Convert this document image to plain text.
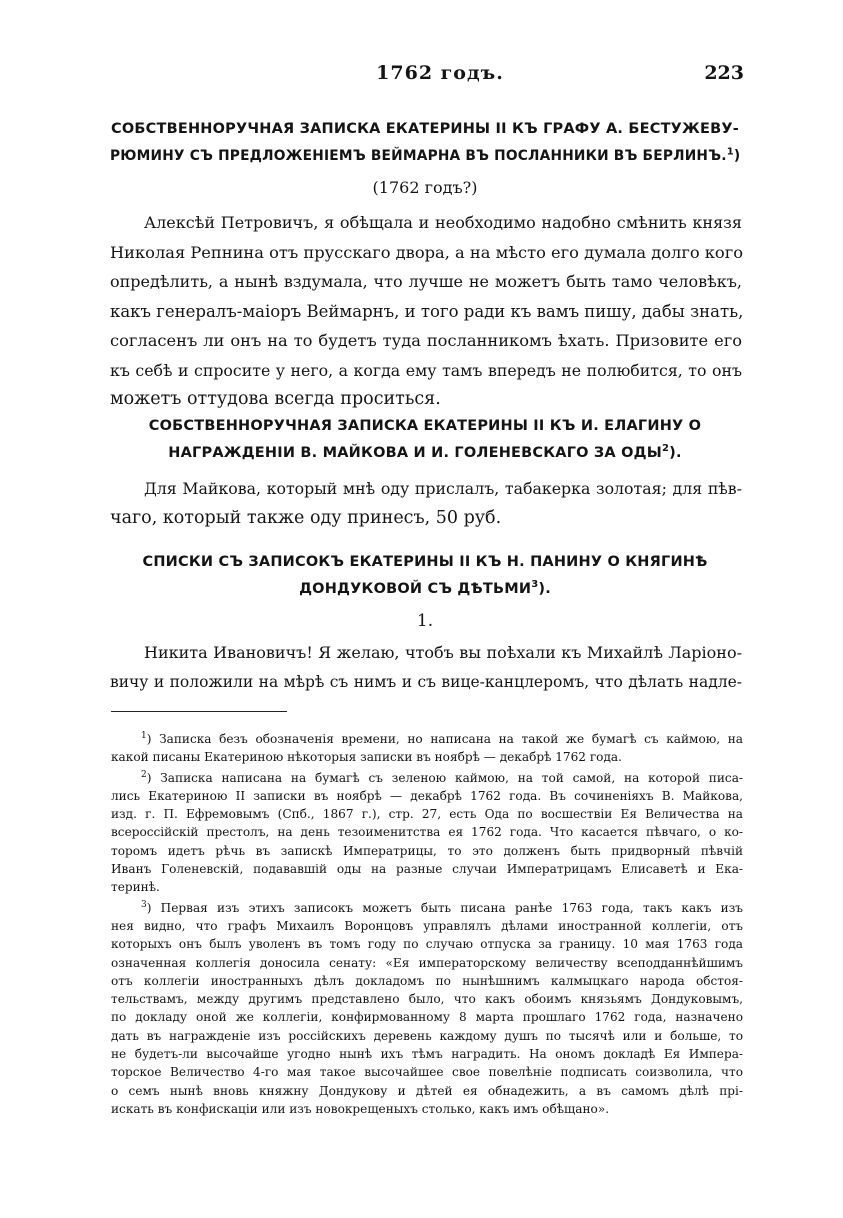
1762 годъ.	223
СОБСТВЕННОРУЧНАЯ ЗАПИСКА ЕКАТЕРИНЫ II КЪ ГРАФУ А. БЕСТУЖЕВУ-
РЮМИНУ СЪ ПРЕДЛОЖЕНІЕМЪ ВЕЙМАРНА ВЪ ПОСЛАННИКИ ВЪ БЕРЛИНЪ.$^1$)
(1762 годъ?)
Алексѣй Петровичъ, я обѣщала и необходимо надобно смѣнить князя
Николая Репнина отъ прусскаго двора, а на мѣсто его думала долго кого
опредѣлить, а нынѣ вздумала, что лучше не можетъ быть тамо человѣкъ,
какъ генералъ-маіоръ Веймарнъ, и того ради къ вамъ пишу, дабы знать,
согласенъ ли онъ на то будетъ туда посланникомъ ѣхать. Призовите его
къ себѣ и спросите у него, а когда ему тамъ впередъ не полюбится, то онъ
можетъ оттудова всегда проситься.
СОБСТВЕННОРУЧНАЯ ЗАПИСКА ЕКАТЕРИНЫ II КЪ И. ЕЛАГИНУ О
НАГРАЖДЕНІИ В. МАЙКОВА И И. ГОЛЕНЕВСКАГО ЗА ОДЫ$^2$).
Для Майкова, который мнѣ оду прислалъ, табакерка золотая; для пѣв-
чаго, который также оду принесъ, 50 руб.
СПИСКИ СЪ ЗАПИСОКЪ ЕКАТЕРИНЫ II КЪ Н. ПАНИНУ О КНЯГИНѢ
ДОНДУКОВОЙ СЪ ДѢТЬМИ$^3$).
1.
Никита Ивановичъ! Я желаю, чтобъ вы поѣхали къ Михайлѣ Ларіоно-
вичу и положили на мѣрѣ съ нимъ и съ вице-канцлеромъ, что дѣлать надле-
$^1$) Записка безъ обозначенія времени, но написана на такой же бумагѣ съ каймою, на
какой писаны Екатериною нѣкоторыя записки въ ноябрѣ — декабрѣ 1762 года.
$^2$) Записка написана на бумагѣ съ зеленою каймою, на той самой, на которой писа-
лись Екатериною II записки въ ноябрѣ — декабрѣ 1762 года. Въ сочиненіяхъ В. Майкова,
изд. г. П. Ефремовымъ (Спб., 1867 г.), стр. 27, есть Ода по восшествіи Ея Величества на
всероссійскій престолъ, на день тезоименитства ея 1762 года. Что касается пѣвчаго, о ко-
торомъ идетъ рѣчь въ запискѣ Императрицы, то это долженъ быть придворный пѣвчій
Иванъ Голеневскій, подававшій оды на разные случаи Императрицамъ Елисаветѣ и Ека-
теринѣ.
$^3$) Первая изъ этихъ записокъ можетъ быть писана ранѣе 1763 года, такъ какъ изъ
нея видно, что графъ Михаилъ Воронцовъ управлялъ дѣлами иностранной коллегіи, отъ
которыхъ онъ былъ уволенъ въ томъ году по случаю отпуска за границу. 10 мая 1763 года
означенная коллегія доносила сенату: «Ея императорскому величеству всеподданнѣйшимъ
отъ коллегіи иностранныхъ дѣлъ докладомъ по нынѣшнимъ калмыцкаго народа обстоя-
тельствамъ, между другимъ представлено было, что какъ обоимъ князьямъ Дондуковымъ,
по докладу оной же коллегіи, конфирмованному 8 марта прошлаго 1762 года, назначено
дать въ награжденіе изъ россійскихъ деревень каждому душъ по тысячѣ или и больше, то
не будетъ-ли высочайше угодно нынѣ ихъ тѣмъ наградить. На ономъ докладѣ Ея Импера-
торское Величество 4-го мая такое высочайшее свое повелѣніе подписать соизволила, что
о семъ нынѣ вновь княжну Дондукову и дѣтей ея обнадежить, а въ самомъ дѣлѣ прі-
искать въ конфискаціи или изъ новокрещеныхъ столько, какъ имъ обѣщано».
